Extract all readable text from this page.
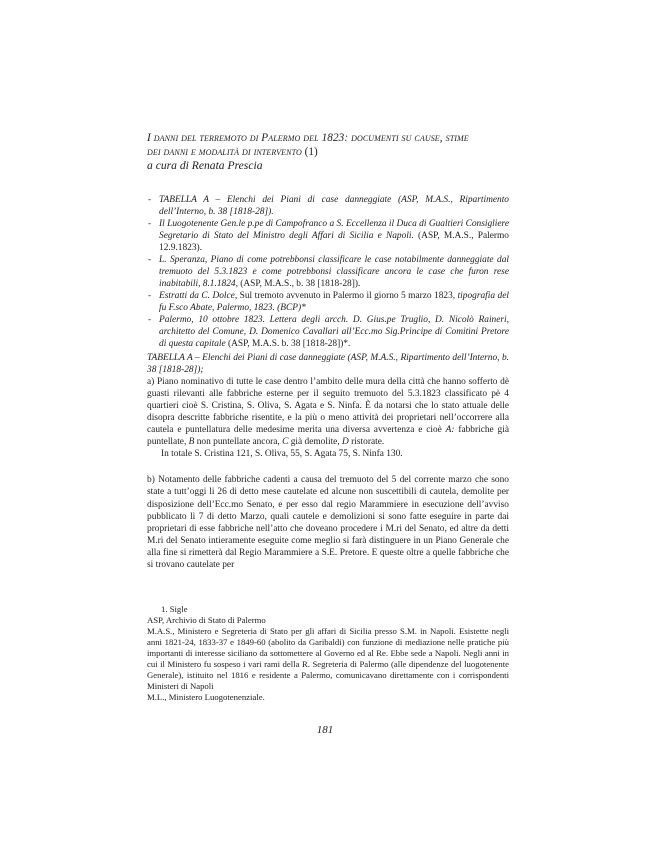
I danni del terremoto di Palermo del 1823: documenti su cause, stime
dei danni e modalità di intervento (1)
a cura di Renata Prescia
- TABELLA A – Elenchi dei Piani di case danneggiate (ASP, M.A.S., Ripartimento dell’Interno, b. 38 [1818-28]).
- Il Luogotenente Gen.le p.pe di Campofranco a S. Eccellenza il Duca di Gualtieri Consigliere Segretario di Stato del Ministro degli Affari di Sicilia e Napoli. (ASP, M.A.S., Palermo 12.9.1823).
- L. Speranza, Piano di come potrebbonsi classificare le case notabilmente danneggiate dal tremuoto del 5.3.1823 e come potrebbonsi classificare ancora le case che furon rese inabitabili, 8.1.1824, (ASP, M.A.S., b. 38 [1818-28]).
- Estratti da C. Dolce, Sul tremoto avvenuto in Palermo il giorno 5 marzo 1823, tipografia del fu F.sco Abate, Palermo, 1823. (BCP)*
- Palermo, 10 ottobre 1823. Lettera degli arcch. D. Gius.pe Truglio, D. Nicolò Raineri, architetto del Comune, D. Domenico Cavallari all’Ecc.mo Sig.Principe di Comitini Pretore di questa capitale (ASP, M.A.S. b. 38 [1818-28])*.

TABELLA A – Elenchi dei Piani di case danneggiate (ASP, M.A.S., Ripartimento dell’Interno, b. 38 [1818-28]);

a) Piano nominativo di tutte le case dentro l’ambito delle mura della città che hanno sofferto dè guasti rilevanti alle fabbriche esterne per il seguito tremuoto del 5.3.1823 classificato pè 4 quartieri cioè S. Cristina, S. Oliva, S. Agata e S. Ninfa. È da notarsi che lo stato attuale delle disopra descritte fabbriche risentite, e la più o meno attività dei proprietari nell’occorrere alla cautela e puntellatura delle medesime merita una diversa avvertenza e cioè A: fabbriche già puntellate, B non puntellate ancora, C già demolite, D ristorate.

In totale S. Cristina 121, S. Oliva, 55, S. Agata 75, S. Ninfa 130.

b) Notamento delle fabbriche cadenti a causa del tremuoto del 5 del corrente marzo che sono state a tutt’oggi li 26 di detto mese cautelate ed alcune non suscettibili di cautela, demolite per disposizione dell’Ecc.mo Senato, e per esso dal regio Marammiere in esecuzione dell’avviso pubblicato lì 7 di detto Marzo, quali cautele e demolizioni si sono fatte eseguire in parte dai proprietari di esse fabbriche nell’atto che doveano procedere i M.ri del Senato, ed altre da detti M.ri del Senato intieramente eseguite come meglio si farà distinguere in un Piano Generale che alla fine si rimetterà dal Regio Marammiere a S.E. Pretore. E queste oltre a quelle fabbriche che si trovano cautelate per

1. Sigle

ASP, Archivio di Stato di Palermo

M.A.S., Ministero e Segreteria di Stato per gli affari di Sicilia presso S.M. in Napoli. Esistette negli anni 1821-24, 1833-37 e 1849-60 (abolito da Garibaldi) con funzione di mediazione nelle pratiche più importanti di interesse siciliano da sottomettere al Governo ed al Re. Ebbe sede a Napoli. Negli anni in cui il Ministero fu sospeso i vari rami della R. Segreteria di Palermo (alle dipendenze del luogotenente Generale), istituito nel 1816 e residente a Palermo, comunicavano direttamente con i corrispondenti Ministeri di Napoli

M.L., Ministero Luogotenenziale.

181
